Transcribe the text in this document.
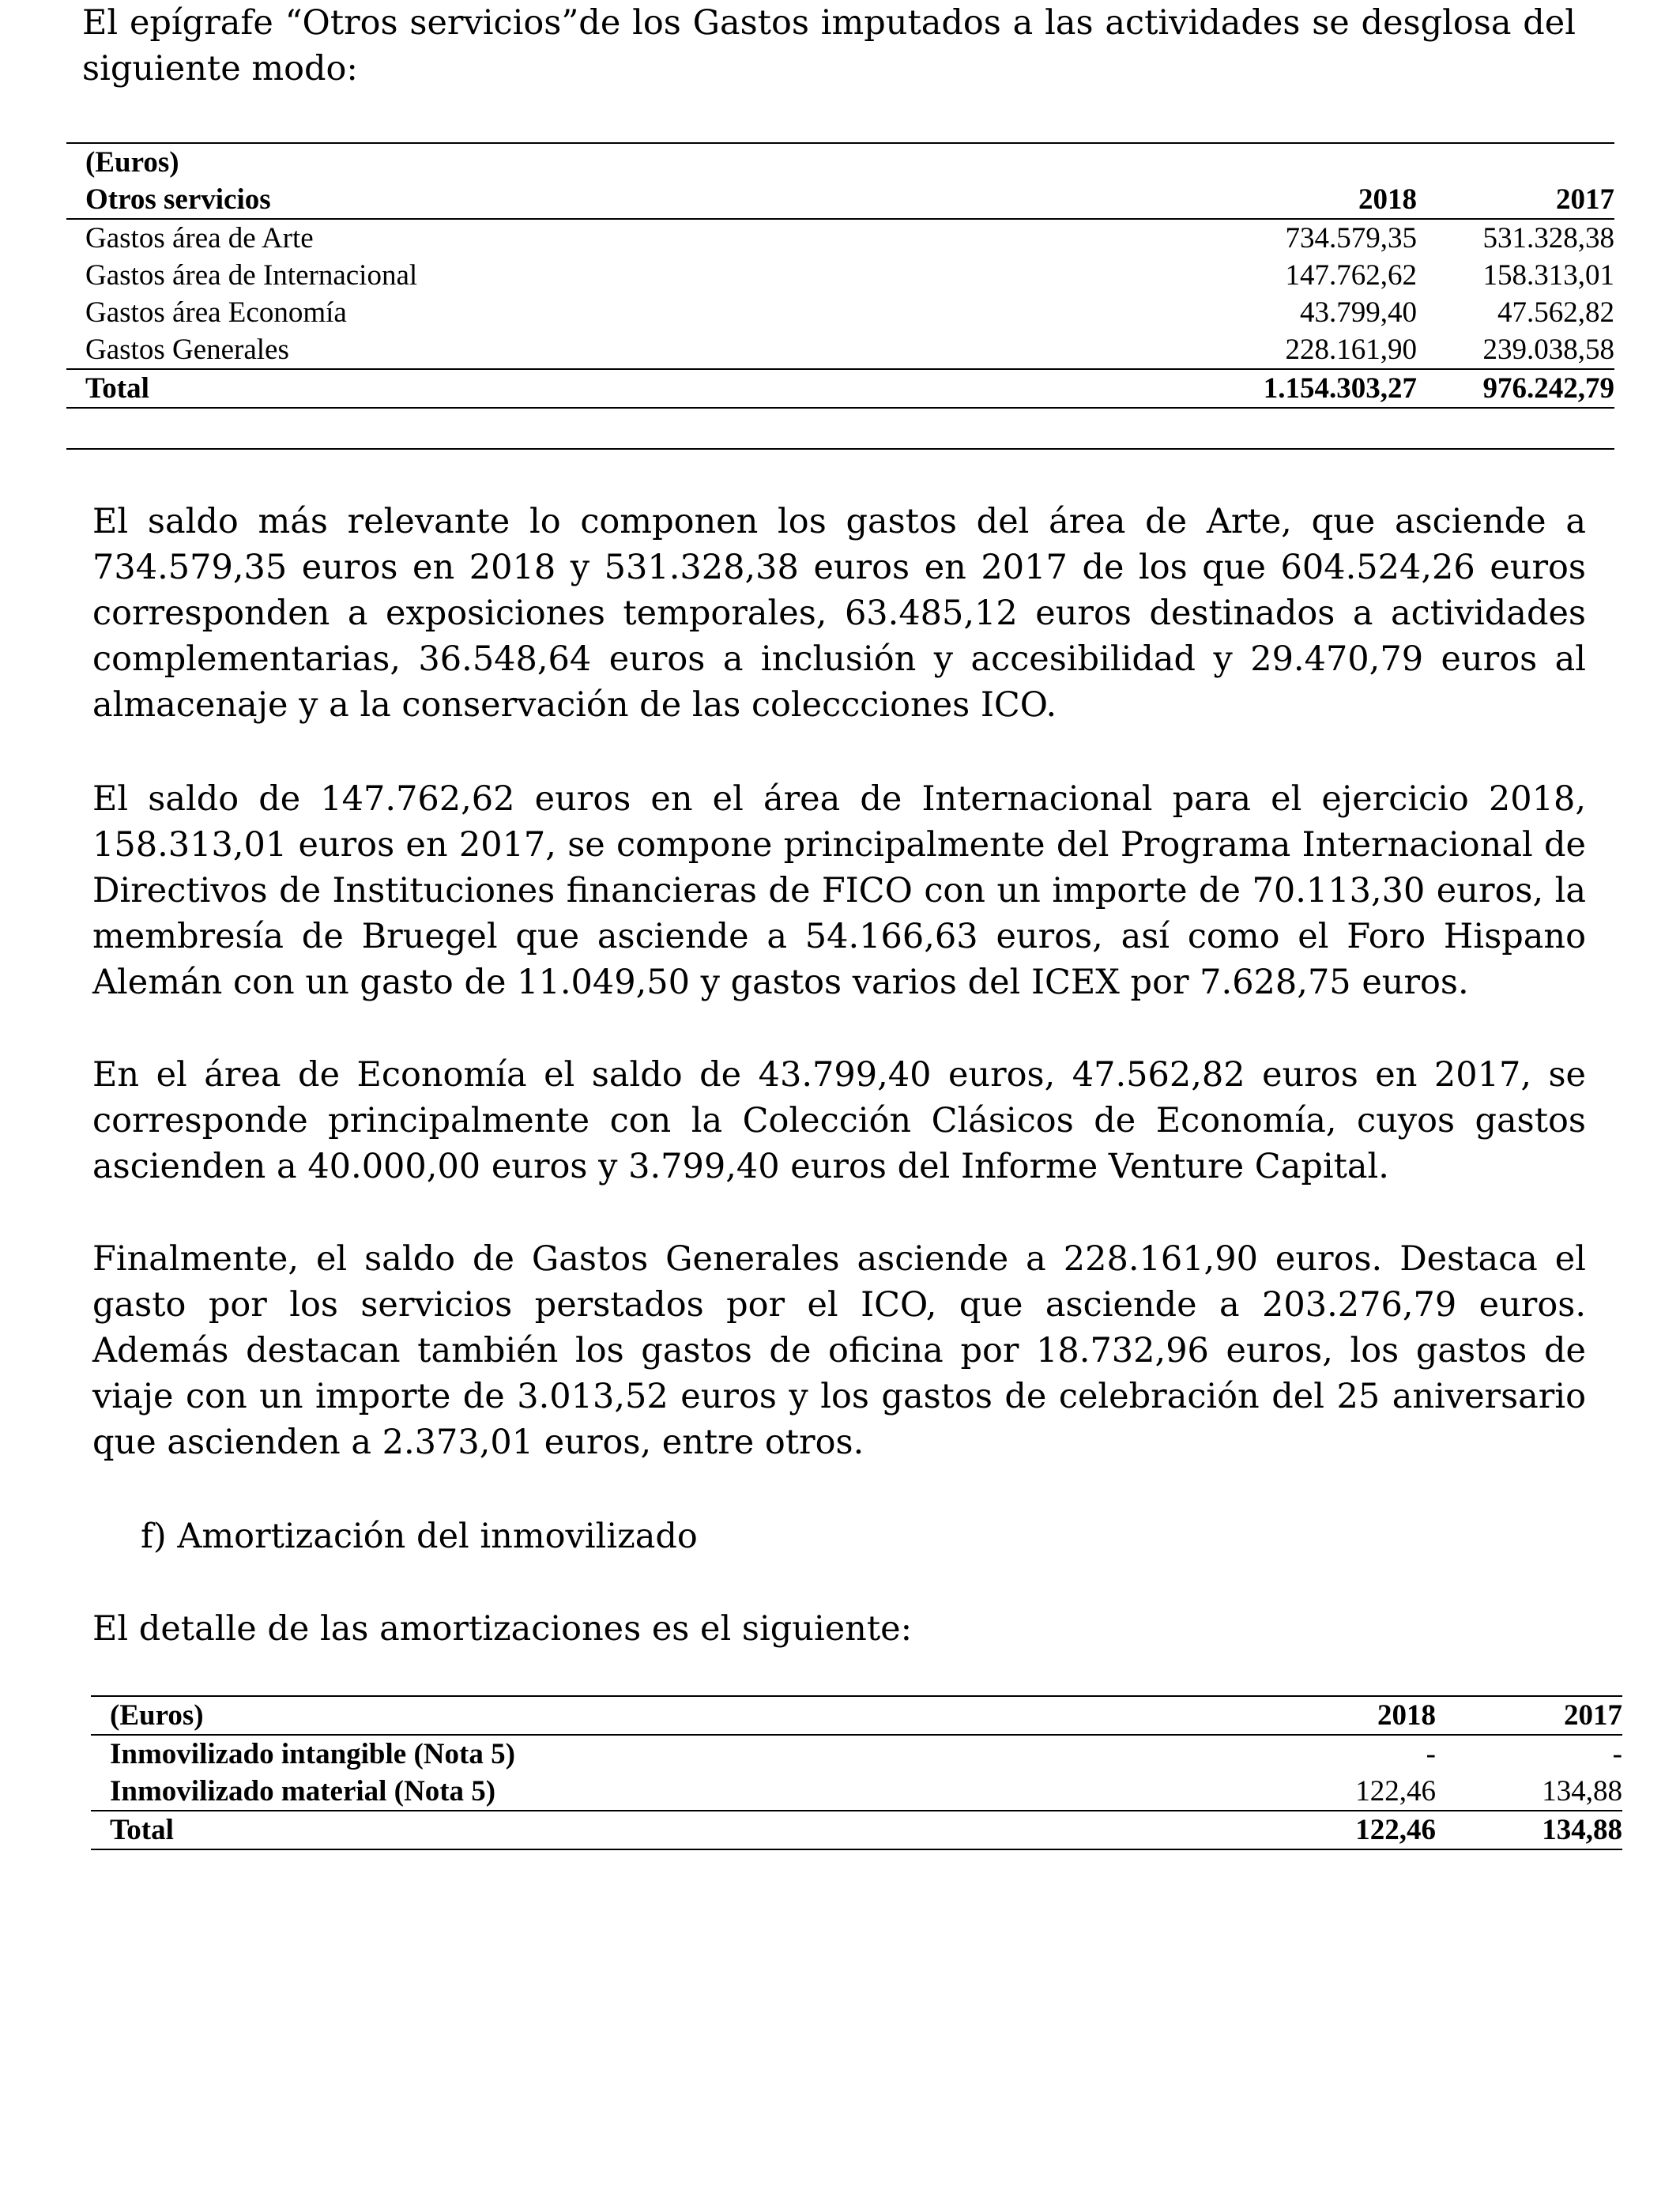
El epígrafe “Otros servicios”de los Gastos imputados a las actividades se desglosa del siguiente modo:

(Euros)		
Otros servicios	2018	2017
Gastos área de Arte	734.579,35	531.328,38
Gastos área de Internacional	147.762,62	158.313,01
Gastos área Economía	43.799,40	47.562,82
Gastos Generales	228.161,90	239.038,58
Total	1.154.303,27	976.242,79

El saldo más relevante lo componen los gastos del área de Arte, que asciende a 734.579,35 euros en 2018 y 531.328,38 euros en 2017 de los que 604.524,26 euros corresponden a exposiciones temporales, 63.485,12 euros destinados a actividades complementarias, 36.548,64 euros a inclusión y accesibilidad y 29.470,79 euros al almacenaje y a la conservación de las coleccciones ICO.

El saldo de 147.762,62 euros en el área de Internacional para el ejercicio 2018, 158.313,01 euros en 2017, se compone principalmente del Programa Internacional de Directivos de Instituciones financieras de FICO con un importe de 70.113,30 euros, la membresía de Bruegel que asciende a 54.166,63 euros, así como el Foro Hispano Alemán con un gasto de 11.049,50 y gastos varios del ICEX por 7.628,75 euros.

En el área de Economía el saldo de 43.799,40 euros, 47.562,82 euros en 2017, se corresponde principalmente con la Colección Clásicos de Economía, cuyos gastos ascienden a 40.000,00 euros y 3.799,40 euros del Informe Venture Capital.

Finalmente, el saldo de Gastos Generales asciende a 228.161,90 euros. Destaca el gasto por los servicios perstados por el ICO, que asciende a 203.276,79 euros. Además destacan también los gastos de oficina por 18.732,96 euros, los gastos de viaje con un importe de 3.013,52 euros y los gastos de celebración del 25 aniversario que ascienden a 2.373,01 euros, entre otros.

f) Amortización del inmovilizado

El detalle de las amortizaciones es el siguiente:

(Euros)	2018	2017
Inmovilizado intangible (Nota 5)	-	-
Inmovilizado material (Nota 5)	122,46	134,88
Total	122,46	134,88
